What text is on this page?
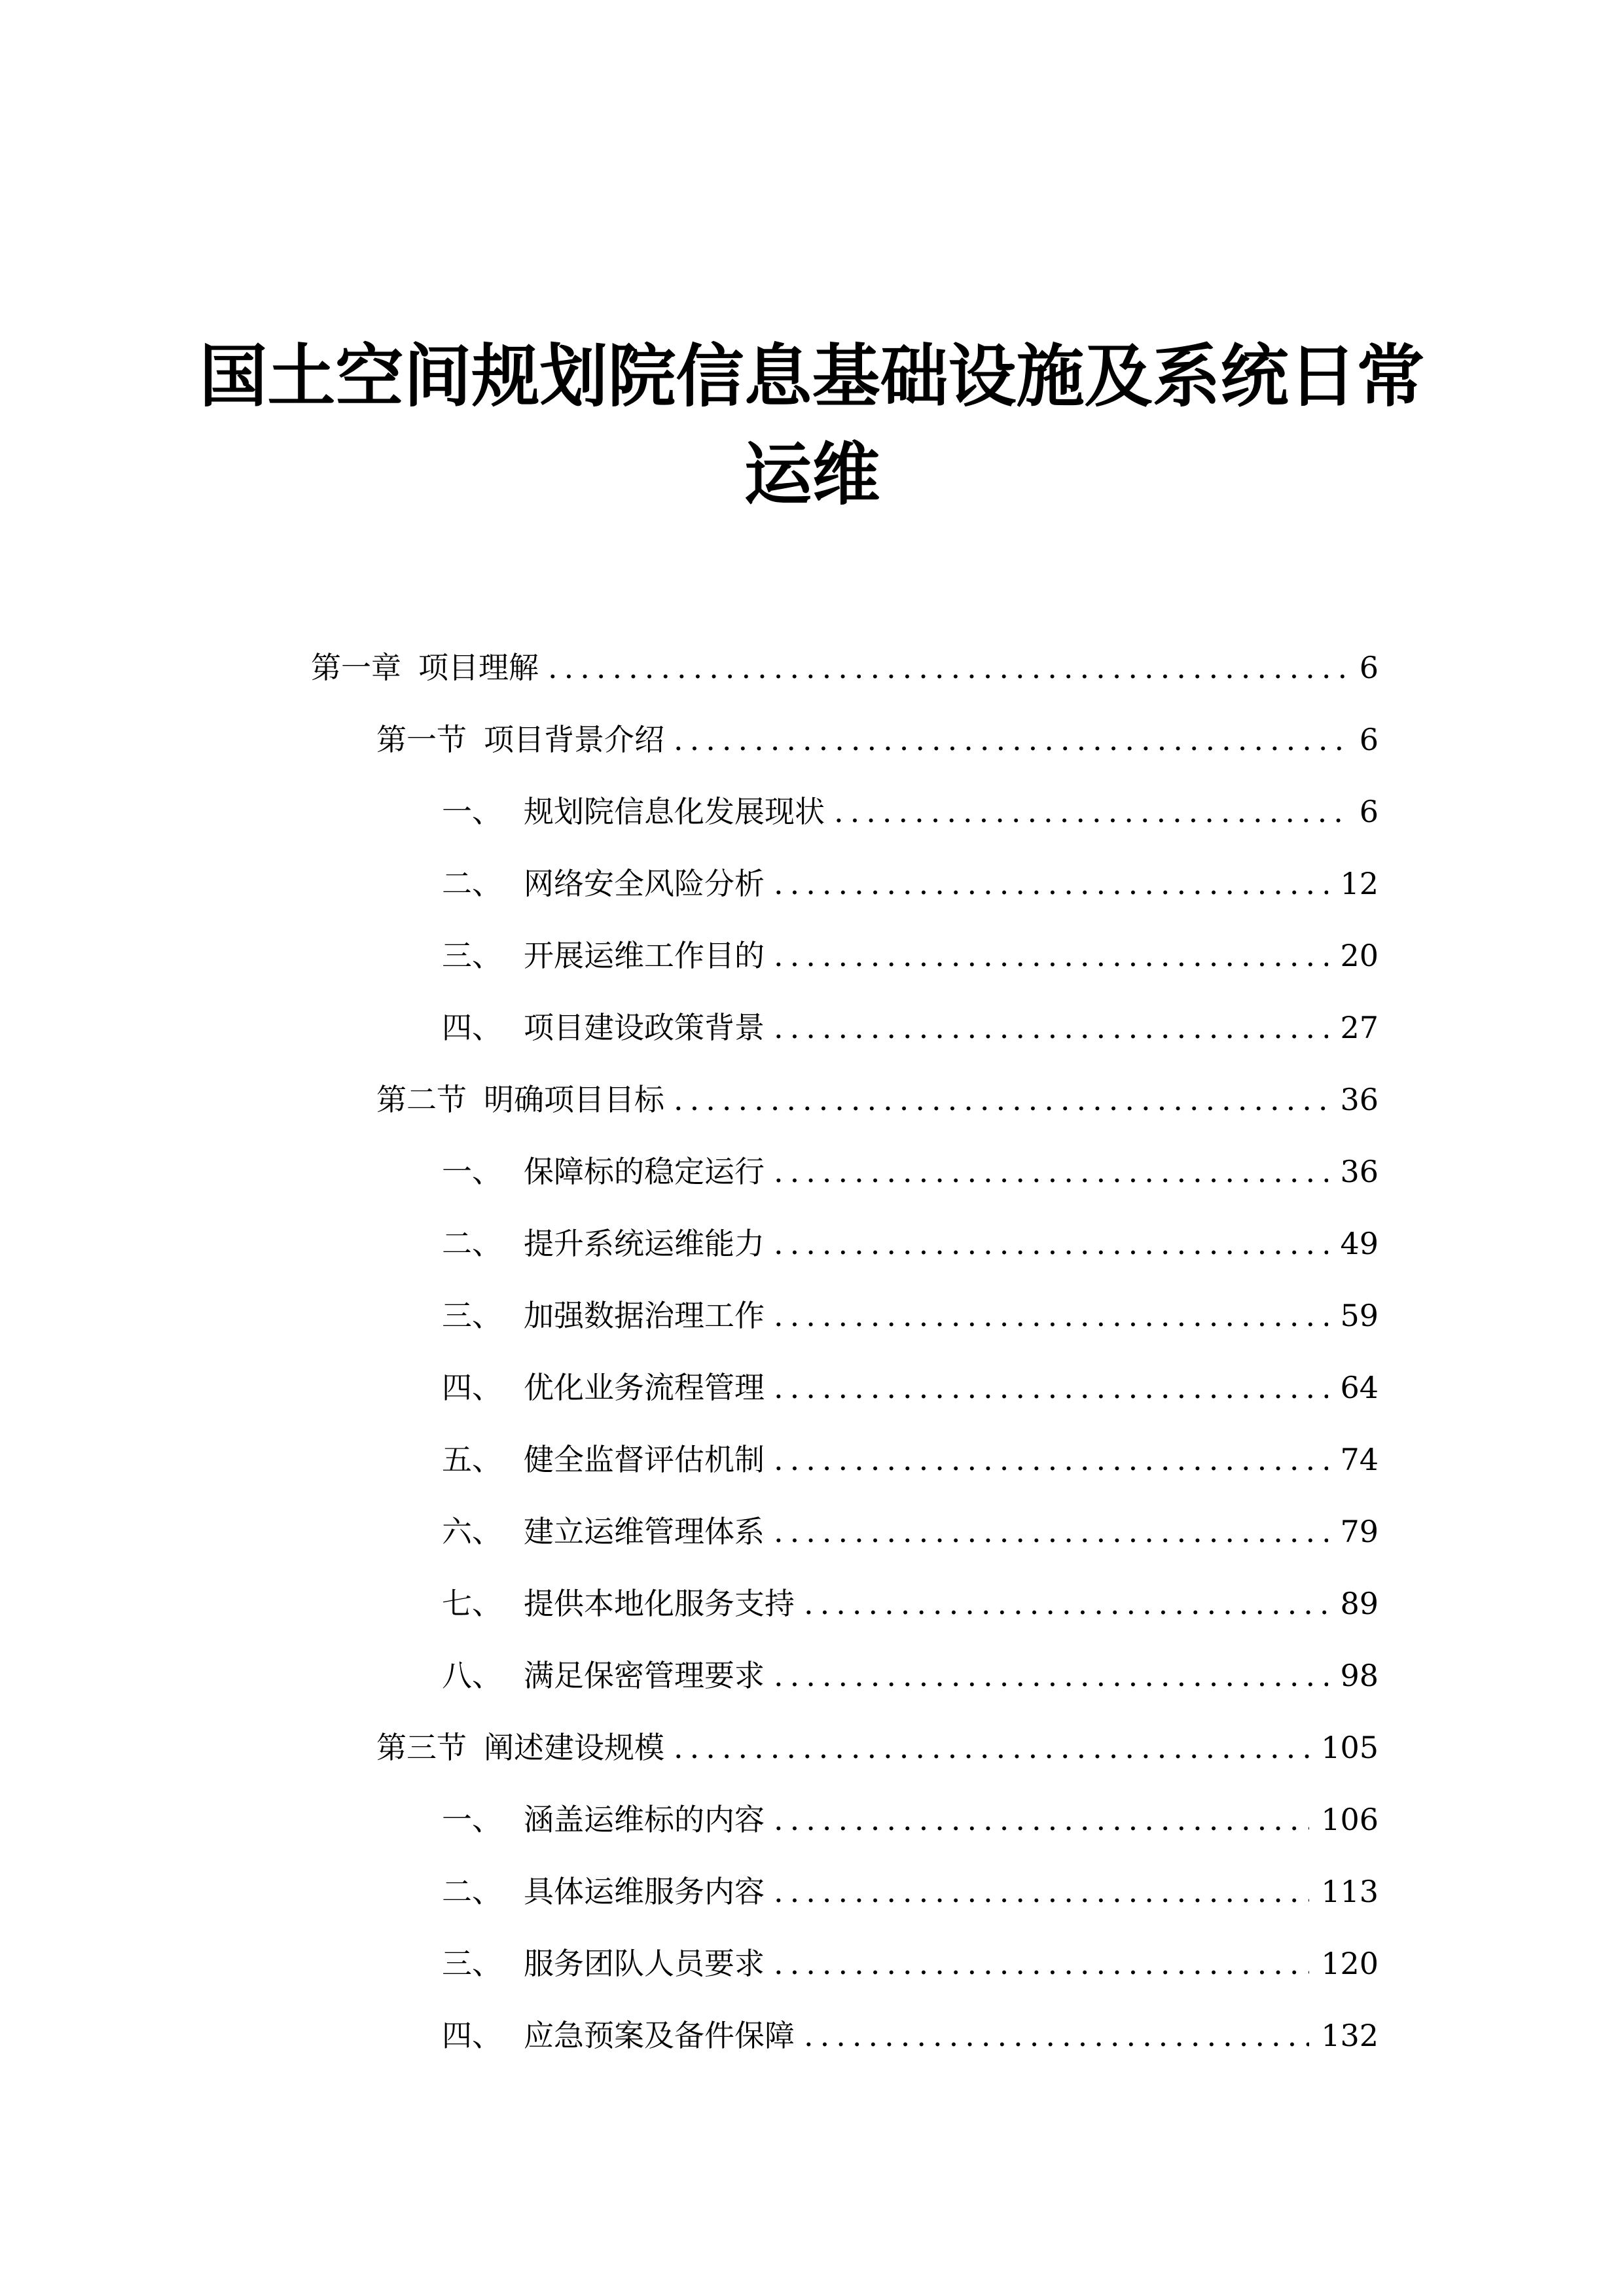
国土空间规划院信息基础设施及系统日常
运维
第一章 项目理解 .....	6
第一节 项目背景介绍 .....	6
一、 规划院信息化发展现状 .....	6
二、 网络安全风险分析 .....	12
三、 开展运维工作目的 .....	20
四、 项目建设政策背景 .....	27
第二节 明确项目目标 .....	36
一、 保障标的稳定运行 .....	36
二、 提升系统运维能力 .....	49
三、 加强数据治理工作 .....	59
四、 优化业务流程管理 .....	64
五、 健全监督评估机制 .....	74
六、 建立运维管理体系 .....	79
七、 提供本地化服务支持 .....	89
八、 满足保密管理要求 .....	98
第三节 阐述建设规模 .....	105
一、 涵盖运维标的内容 .....	106
二、 具体运维服务内容 .....	113
三、 服务团队人员要求 .....	120
四、 应急预案及备件保障 .....	132
